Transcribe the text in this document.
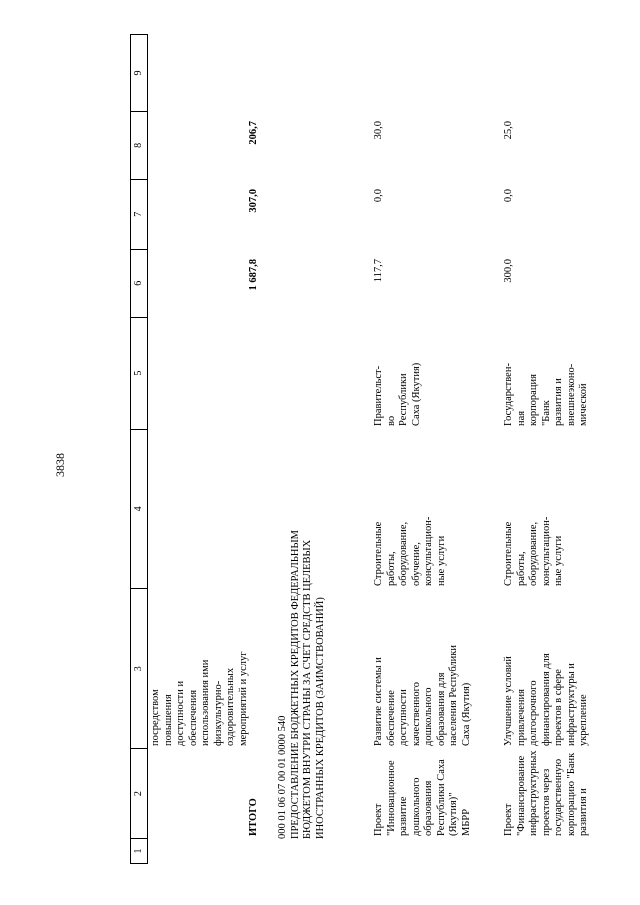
3838
1
2
3
4
5
6
7
8
9
посредством
повышения
доступности и
обеспечения
использования ими
физкультурно-
оздоровительных
мероприятий и услуг
ИТОГО
1 687,8
307,0
206,7
000 01 06 07 00 01 0000 540 ПРЕДОСТАВЛЕНИЕ БЮДЖЕТНЫХ КРЕДИТОВ ФЕДЕРАЛЬНЫМ
БЮДЖЕТОМ ВНУТРИ СТРАНЫ ЗА СЧЕТ СРЕДСТВ ЦЕЛЕВЫХ
ИНОСТРАННЫХ КРЕДИТОВ (ЗАИМСТВОВАНИЙ)
Проект
"Инновационное
развитие
дошкольного
образования
Республики Саха
(Якутия)"
МБРР
Развитие системы и
обеспечение
доступности
качественного
дошкольного
образования для
населения Республики
Саха (Якутия)
Строительные
работы,
оборудование,
обучение,
консультацион-
ные услуги
Правительст-
во
Республики
Саха (Якутия)
117,7
0,0
30,0
Проект
"Финансирование
инфраструктурных
проектов через
государственную
корпорацию "Банк
развития и
Улучшение условий
привлечения
долгосрочного
финансирования для
проектов в сфере
инфраструктуры и
укрепление
Строительные
работы,
оборудование,
консультацион-
ные услуги
Государствен-
ная
корпорация
"Банк
развития и
внешнеэконо-
мической
300,0
0,0
25,0
